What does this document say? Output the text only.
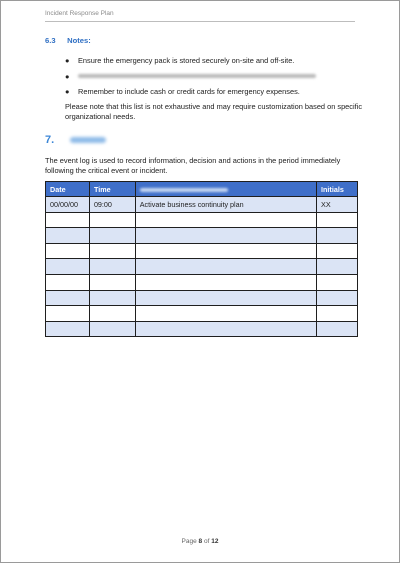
Incident Response Plan
6.3 Notes:
● Ensure the emergency pack is stored securely on-site and off-site.
●
● Remember to include cash or credit cards for emergency expenses.
Please note that this list is not exhaustive and may require customization based on specific organizational needs.
7.
The event log is used to record information, decision and actions in the period immediately following the critical event or incident.
Date	Time		Initials
00/00/00	09:00	Activate business continuity plan	XX

Page 8 of 12
